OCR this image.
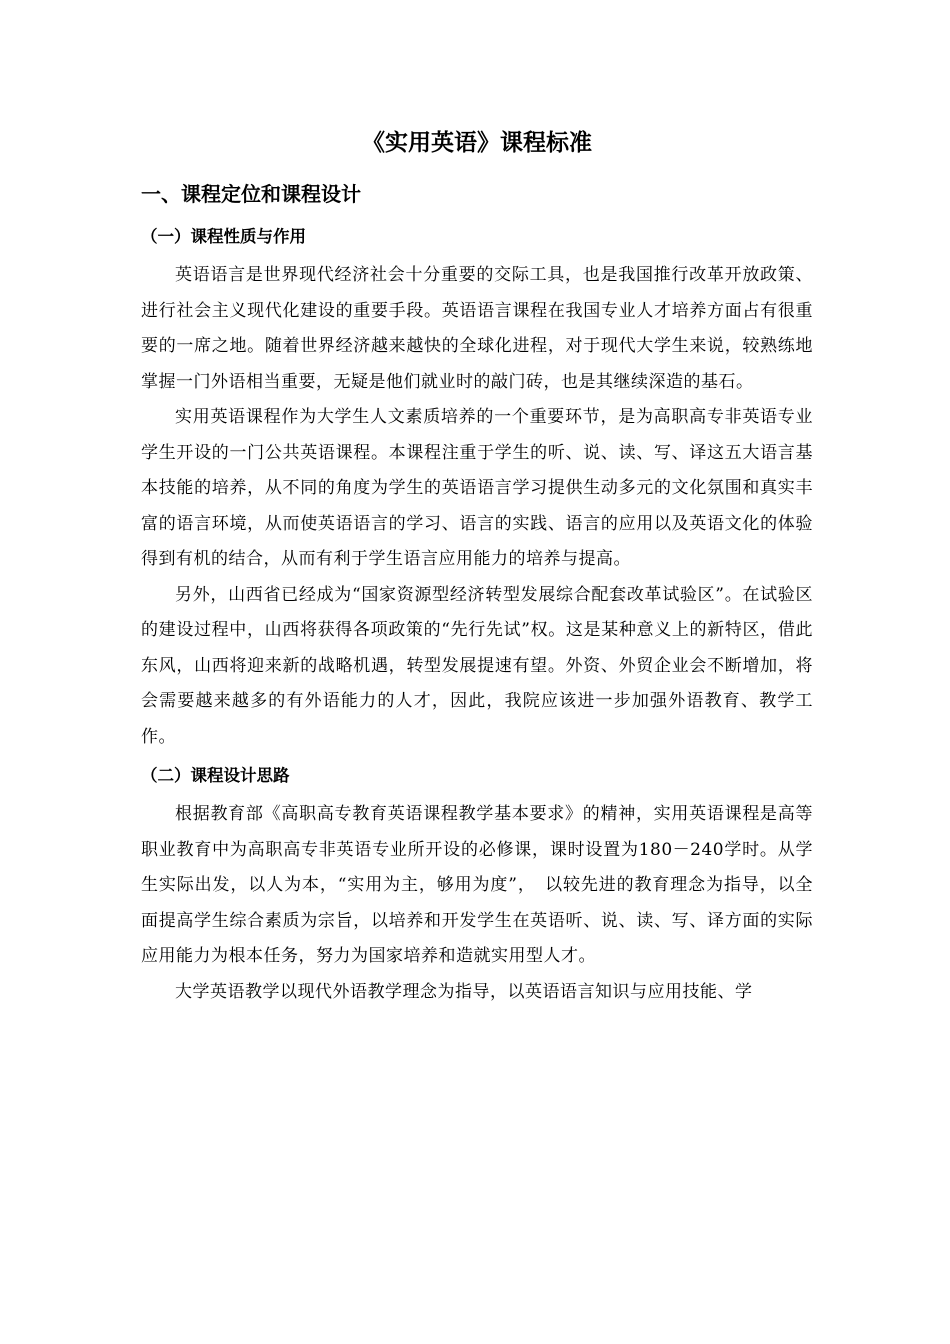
《实用英语》课程标准
一、课程定位和课程设计
（一）课程性质与作用

英语语言是世界现代经济社会十分重要的交际工具，也是我国推行改革开放政策、进行社会主义现代化建设的重要手段。英语语言课程在我国专业人才培养方面占有很重要的一席之地。随着世界经济越来越快的全球化进程，对于现代大学生来说，较熟练地掌握一门外语相当重要，无疑是他们就业时的敲门砖，也是其继续深造的基石。

实用英语课程作为大学生人文素质培养的一个重要环节，是为高职高专非英语专业学生开设的一门公共英语课程。本课程注重于学生的听、说、读、写、译这五大语言基本技能的培养，从不同的角度为学生的英语语言学习提供生动多元的文化氛围和真实丰富的语言环境，从而使英语语言的学习、语言的实践、语言的应用以及英语文化的体验得到有机的结合，从而有利于学生语言应用能力的培养与提高。

另外，山西省已经成为“国家资源型经济转型发展综合配套改革试验区”。在试验区的建设过程中，山西将获得各项政策的“先行先试”权。这是某种意义上的新特区，借此东风，山西将迎来新的战略机遇，转型发展提速有望。外资、外贸企业会不断增加，将会需要越来越多的有外语能力的人才，因此，我院应该进一步加强外语教育、教学工作。

（二）课程设计思路

根据教育部《高职高专教育英语课程教学基本要求》的精神，实用英语课程是高等职业教育中为高职高专非英语专业所开设的必修课，课时设置为180－240学时。从学生实际出发，以人为本，“实用为主，够用为度”，　以较先进的教育理念为指导，以全面提高学生综合素质为宗旨，以培养和开发学生在英语听、说、读、写、译方面的实际应用能力为根本任务，努力为国家培养和造就实用型人才。

大学英语教学以现代外语教学理念为指导，以英语语言知识与应用技能、学
